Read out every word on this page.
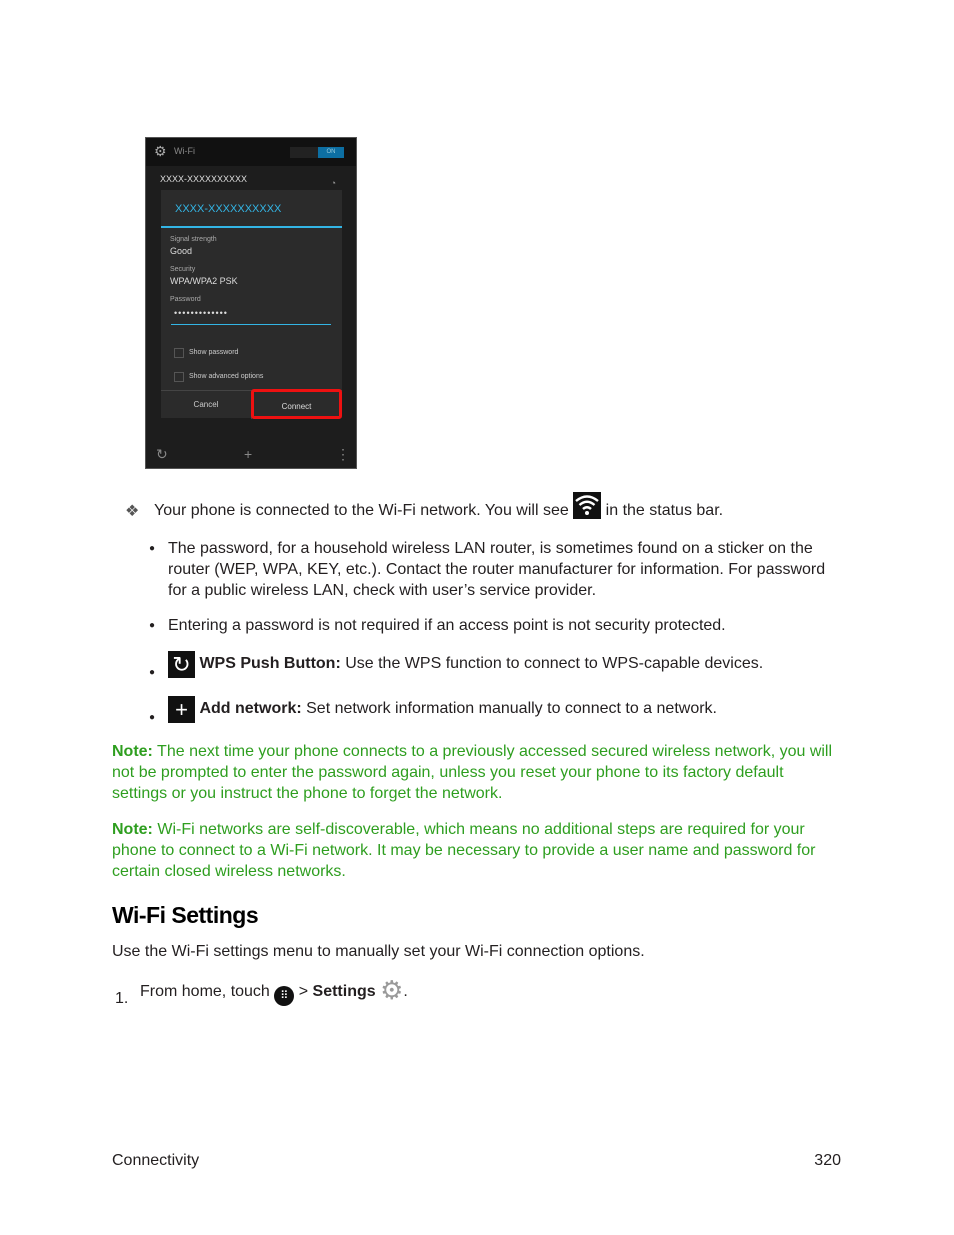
⚙ Wi-Fi	ON
XXXX-XXXXXXXXXX	◔
XXXX-XXXXXXXXXX
Signal strength
Good
Security
WPA/WPA2 PSK
Password
•••••••••••••
Show password
Show advanced options
Cancel	Connect
↻	+	⋮
❖ Your phone is connected to the Wi-Fi network. You will see in the status bar.
● The password, for a household wireless LAN router, is sometimes found on a sticker on the router (WEP, WPA, KEY, etc.). Contact the router manufacturer for information. For password for a public wireless LAN, check with user’s service provider.
● Entering a password is not required if an access point is not security protected.
● ↻ WPS Push Button: Use the WPS function to connect to WPS-capable devices.
● + Add network: Set network information manually to connect to a network.
Note: The next time your phone connects to a previously accessed secured wireless network, you will not be prompted to enter the password again, unless you reset your phone to its factory default settings or you instruct the phone to forget the network.
Note: Wi-Fi networks are self-discoverable, which means no additional steps are required for your phone to connect to a Wi-Fi network. It may be necessary to provide a user name and password for certain closed wireless networks.
Wi-Fi Settings
Use the Wi-Fi settings menu to manually set your Wi-Fi connection options.
1. From home, touch ⠿ > Settings ⚙.
Connectivity	320
